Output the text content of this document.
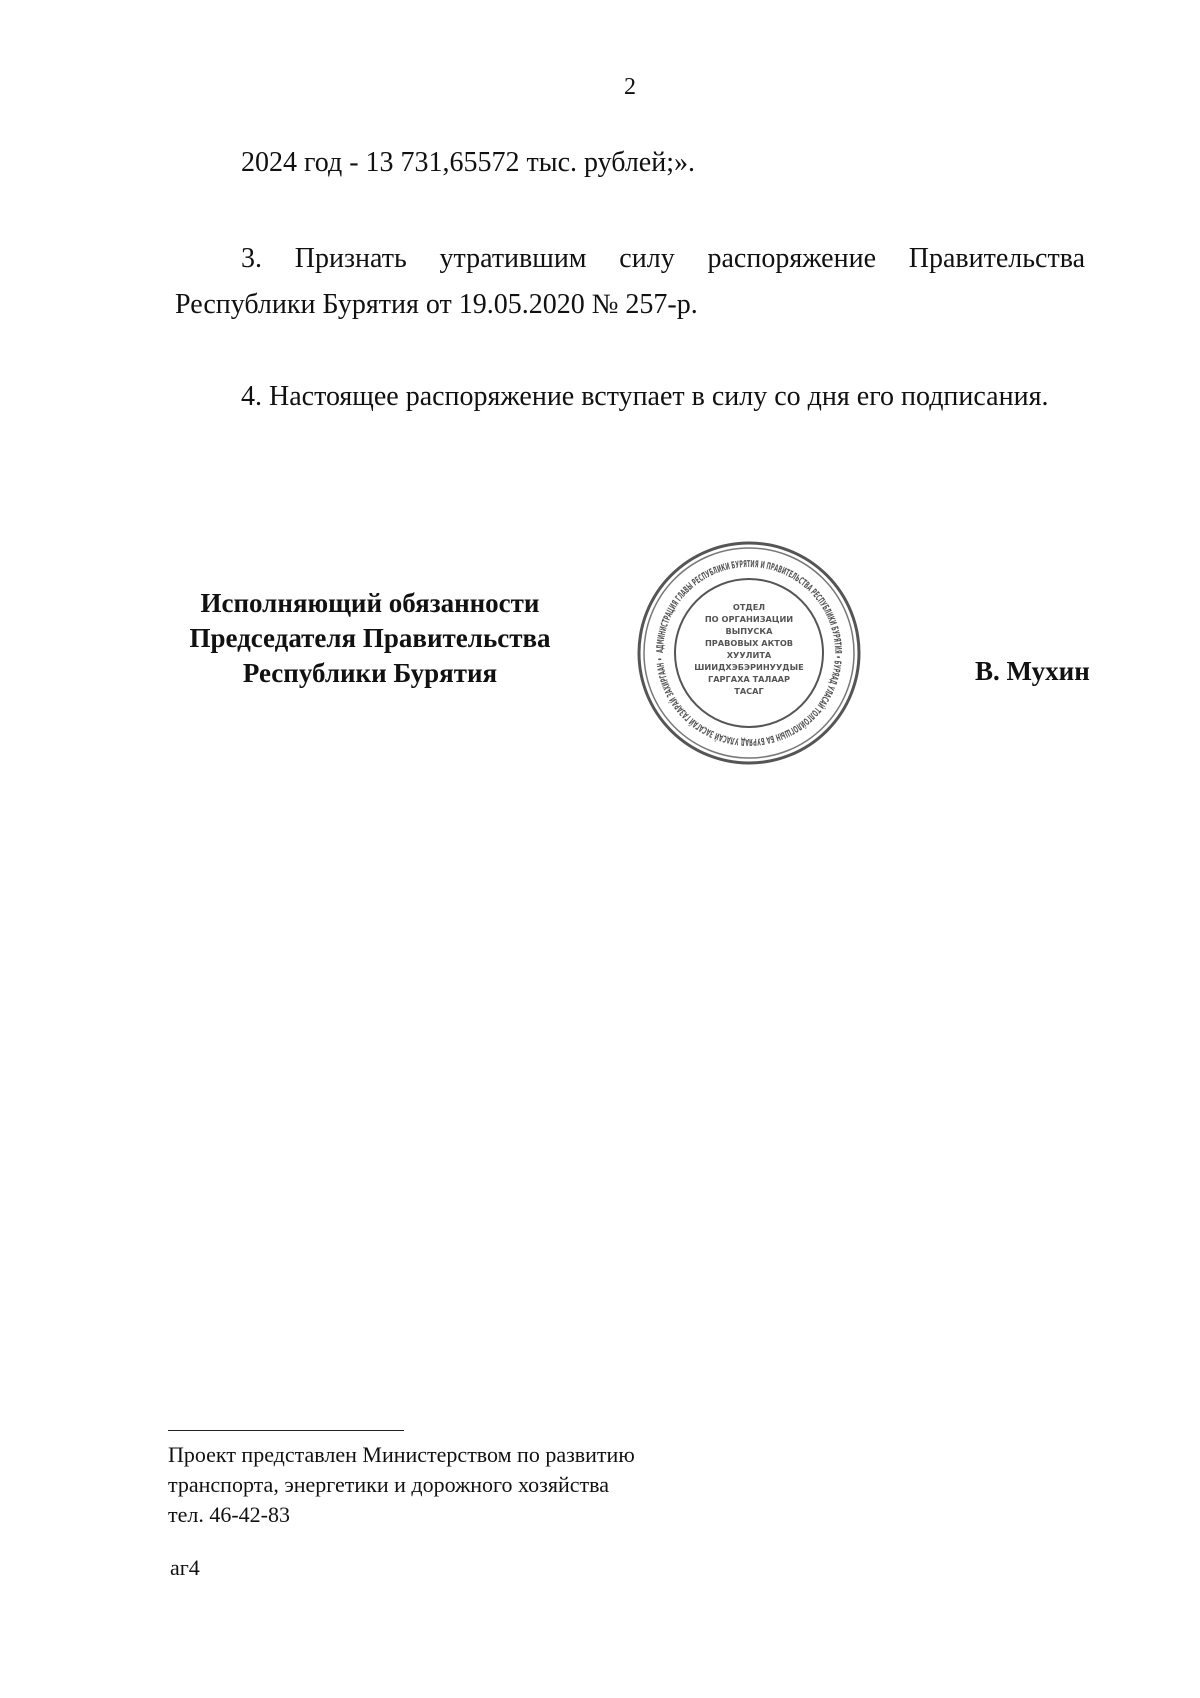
2
2024 год - 13 731,65572 тыс. рублей;».
3. Признать утратившим силу распоряжение Правительства Республики Бурятия от 19.05.2020 № 257-р.
4. Настоящее распоряжение вступает в силу со дня его подписания.
Исполняющий обязанности
Председателя Правительства
Республики Бурятия
АДМИНИСТРАЦИЯ ГЛАВЫ РЕСПУБЛИКИ БУРЯТИЯ И ПРАВИТЕЛЬСТВА РЕСПУБЛИКИ БУРЯТИЯ • БУРЯАД УЛАСАЙ ТОЛГОЙЛОГШЫН БА БУРЯАД УЛАСАЙ ЗАСАГАЙ ГАЗАРАЙ ЗАХИРГААН •
ОТДЕЛ
ПО ОРГАНИЗАЦИИ
ВЫПУСКА
ПРАВОВЫХ АКТОВ
ХУУЛИТА
ШИИДХЭБЭРИНУУДЫЕ
ГАРГАХА ТАЛААР
ТАСАГ
В. Мухин
Проект представлен Министерством по развитию
транспорта, энергетики и дорожного хозяйства
тел. 46-42-83
аг4
